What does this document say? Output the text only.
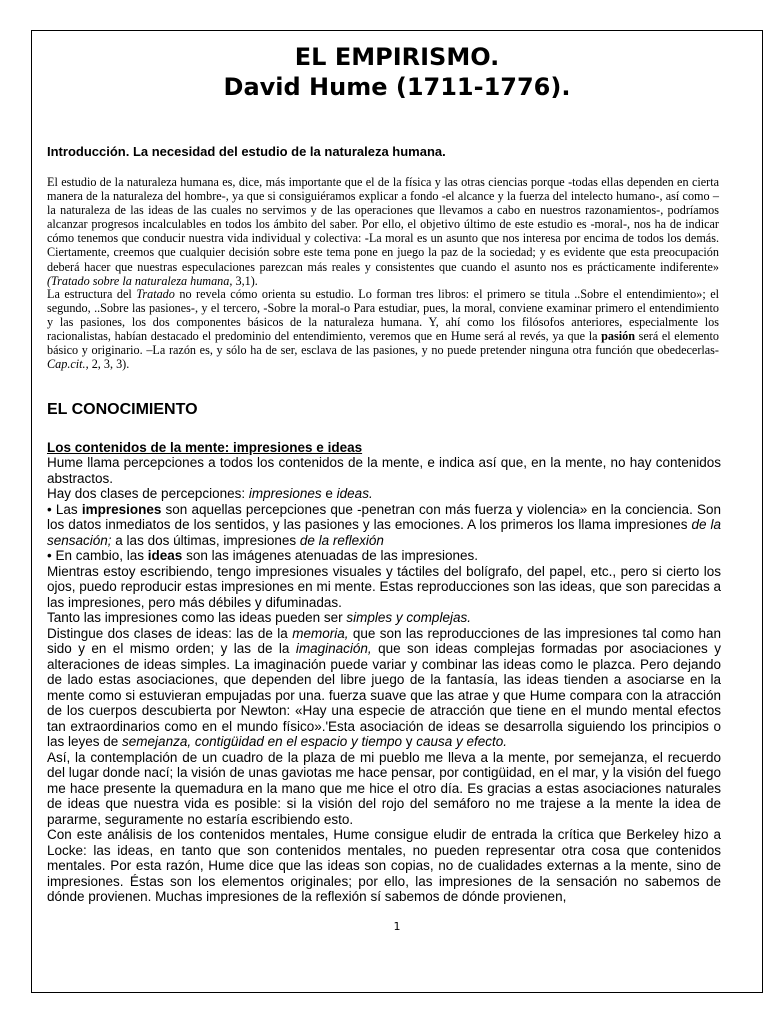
EL EMPIRISMO.
David Hume (1711-1776).
Introducción. La necesidad del estudio de la naturaleza humana.

El estudio de la naturaleza humana es, dice, más importante que el de la física y las otras ciencias porque -todas ellas dependen en cierta manera de la naturaleza del hombre-, ya que si consiguiéramos explicar a fondo -el alcance y la fuerza del intelecto humano-, así como –la naturaleza de las ideas de las cuales no servimos y de las operaciones que llevamos a cabo en nuestros razonamientos-, podríamos alcanzar progresos incalculables en todos los ámbito del saber. Por ello, el objetivo último de este estudio es -moral-, nos ha de indicar cómo tenemos que conducir nuestra vida individual y colectiva: -La moral es un asunto que nos interesa por encima de todos los demás. Ciertamente, creemos que cualquier decisión sobre este tema pone en juego la paz de la sociedad; y es evidente que esta preocupación deberá hacer que nuestras especulaciones parezcan más reales y consistentes que cuando el asunto nos es prácticamente indiferente» (Tratado sobre la naturaleza humana, 3,1).

La estructura del Tratado no revela cómo orienta su estudio. Lo forman tres libros: el primero se titula ..Sobre el entendimiento»; el segundo, ..Sobre las pasiones-, y el tercero, -Sobre la moral-o Para estudiar, pues, la moral, conviene examinar primero el entendimiento y las pasiones, los dos componentes básicos de la naturaleza humana. Y, ahí como los filósofos anteriores, especialmente los racionalistas, habían destacado el predominio del entendimiento, veremos que en Hume será al revés, ya que la pasión será el elemento básico y originario. –La razón es, y sólo ha de ser, esclava de las pasiones, y no puede pretender ninguna otra función que obedecerlas- Cap.cit., 2, 3, 3).

EL CONOCIMIENTO
Los contenidos de la mente: impresiones e ideas

Hume llama percepciones a todos los contenidos de la mente, e indica así que, en la mente, no hay contenidos abstractos.

Hay dos clases de percepciones: impresiones e ideas.

• Las impresiones son aquellas percepciones que -penetran con más fuerza y violencia» en la conciencia. Son los datos inmediatos de los sentidos, y las pasiones y las emociones. A los primeros los llama impresiones de la sensación; a las dos últimas, impresiones de la reflexión

• En cambio, las ideas son las imágenes atenuadas de las impresiones.

Mientras estoy escribiendo, tengo impresiones visuales y táctiles del bolígrafo, del papel, etc., pero si cierto los ojos, puedo reproducir estas impresiones en mi mente. Estas reproducciones son las ideas, que son parecidas a las impresiones, pero más débiles y difuminadas.

Tanto las impresiones como las ideas pueden ser simples y complejas.

Distingue dos clases de ideas: las de la memoria, que son las reproducciones de las impresiones tal como han sido y en el mismo orden; y las de la imaginación, que son ideas complejas formadas por asociaciones y alteraciones de ideas simples. La imaginación puede variar y combinar las ideas como le plazca. Pero dejando de lado estas asociaciones, que dependen del libre juego de la fantasía, las ideas tienden a asociarse en la mente como si estuvieran empujadas por una. fuerza suave que las atrae y que Hume compara con la atracción de los cuerpos descubierta por Newton: «Hay una especie de atracción que tiene en el mundo mental efectos tan extraordinarios como en el mundo físico».'Esta asociación de ideas se desarrolla siguiendo los principios o las leyes de semejanza, contigüidad en el espacio y tiempo y causa y efecto.

Así, la contemplación de un cuadro de la plaza de mi pueblo me lleva a la mente, por semejanza, el recuerdo del lugar donde nací; la visión de unas gaviotas me hace pensar, por contigüidad, en el mar, y la visión del fuego me hace presente la quemadura en la mano que me hice el otro día. Es gracias a estas asociaciones naturales de ideas que nuestra vida es posible: si la visión del rojo del semáforo no me trajese a la mente la idea de pararme, seguramente no estaría escribiendo esto.

Con este análisis de los contenidos mentales, Hume consigue eludir de entrada la crítica que Berkeley hizo a Locke: las ideas, en tanto que son contenidos mentales, no pueden representar otra cosa que contenidos mentales. Por esta razón, Hume dice que las ideas son copias, no de cualidades externas a la mente, sino de impresiones. Éstas son los elementos originales; por ello, las impresiones de la sensación no sabemos de dónde provienen. Muchas impresiones de la reflexión sí sabemos de dónde provienen,

1
